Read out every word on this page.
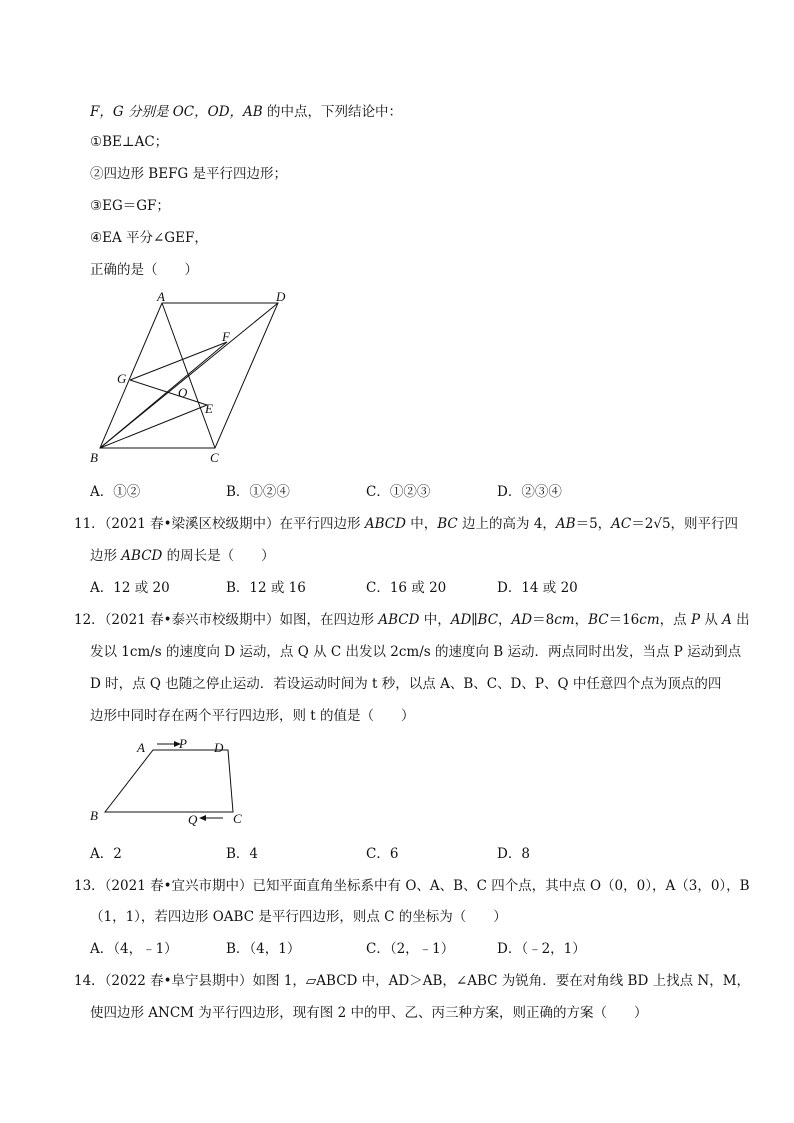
F，G 分别是 OC，OD，AB 的中点，下列结论中：
①BE⊥AC；
②四边形 BEFG 是平行四边形；
③EG＝GF；
④EA 平分∠GEF，
正确的是（　　）
A	D
F
G
O
E
B	C
A．①②	B．①②④	C．①②③	D．②③④
11．（2021 春•梁溪区校级期中）在平行四边形 ABCD 中，BC 边上的高为 4，AB＝5，AC＝2√5，则平行四
边形 ABCD 的周长是（　　）
A．12 或 20	B．12 或 16	C．16 或 20	D．14 或 20
12．（2021 春•泰兴市校级期中）如图，在四边形 ABCD 中，AD∥BC，AD＝8cm，BC＝16cm，点 P 从 A 出
发以 1cm/s 的速度向 D 运动，点 Q 从 C 出发以 2cm/s 的速度向 B 运动．两点同时出发，当点 P 运动到点
D 时，点 Q 也随之停止运动．若设运动时间为 t 秒，以点 A、B、C、D、P、Q 中任意四个点为顶点的四
边形中同时存在两个平行四边形，则 t 的值是（　　）
A	P D
B	Q	C
A．2	B．4	C．6	D．8
13．（2021 春•宜兴市期中）已知平面直角坐标系中有 O、A、B、C 四个点，其中点 O（0，0），A（3，0），B
（1，1），若四边形 OABC 是平行四边形，则点 C 的坐标为（　　）
A．（4，﹣1）	B．（4，1）	C．（2，﹣1）	D．（﹣2，1）
14．（2022 春•阜宁县期中）如图 1，▱ABCD 中，AD＞AB，∠ABC 为锐角．要在对角线 BD 上找点 N，M，
使四边形 ANCM 为平行四边形，现有图 2 中的甲、乙、丙三种方案，则正确的方案（　　）
